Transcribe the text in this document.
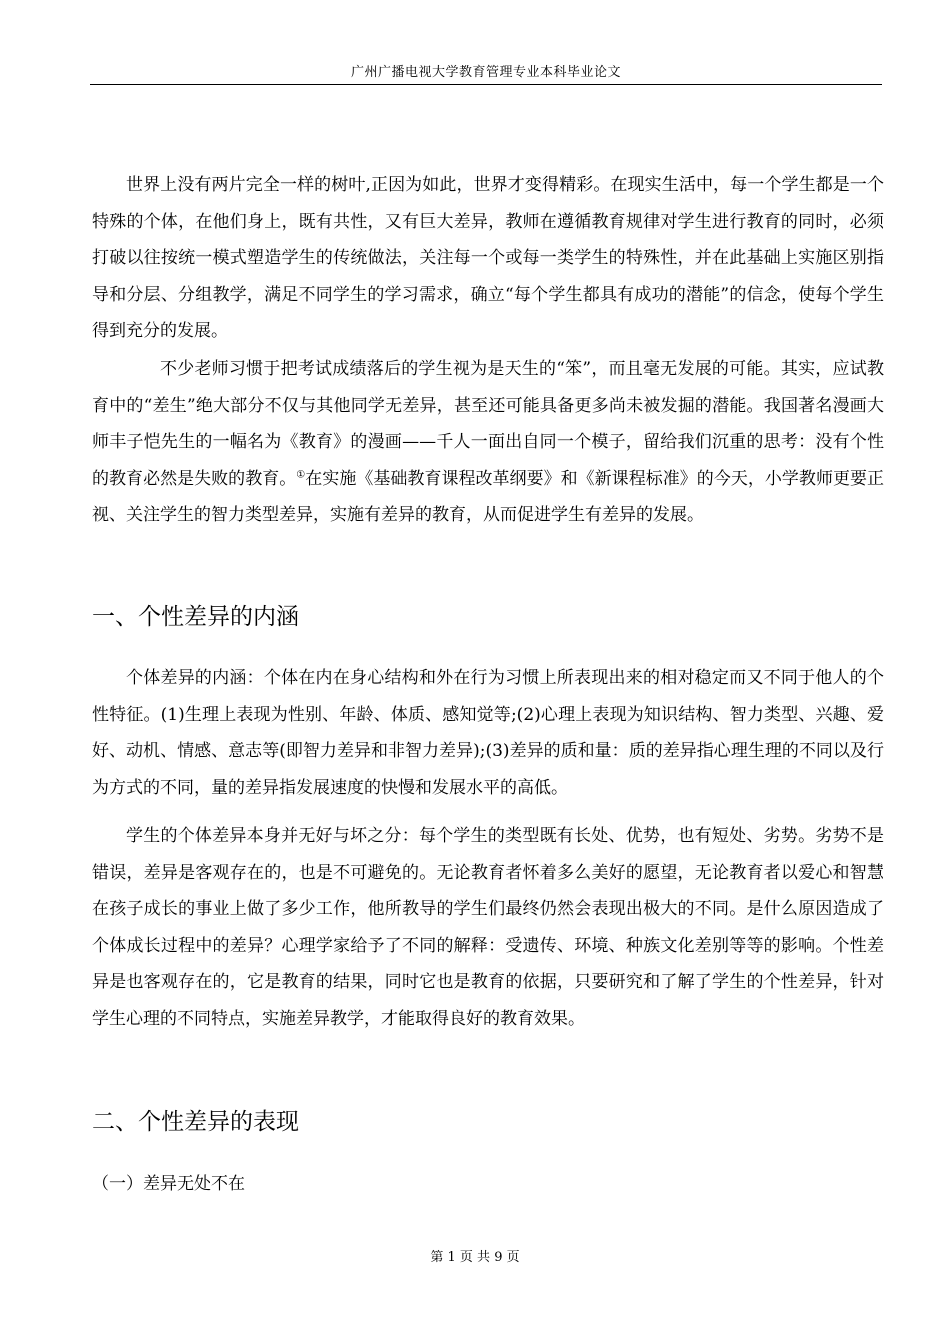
广州广播电视大学教育管理专业本科毕业论文

世界上没有两片完全一样的树叶,正因为如此，世界才变得精彩。在现实生活中，每一个学生都是一个特殊的个体，在他们身上，既有共性，又有巨大差异，教师在遵循教育规律对学生进行教育的同时，必须打破以往按统一模式塑造学生的传统做法，关注每一个或每一类学生的特殊性，并在此基础上实施区别指导和分层、分组教学，满足不同学生的学习需求，确立“每个学生都具有成功的潜能”的信念，使每个学生得到充分的发展。

不少老师习惯于把考试成绩落后的学生视为是天生的“笨”，而且毫无发展的可能。其实，应试教育中的“差生”绝大部分不仅与其他同学无差异，甚至还可能具备更多尚未被发掘的潜能。我国著名漫画大师丰子恺先生的一幅名为《教育》的漫画——千人一面出自同一个模子，留给我们沉重的思考：没有个性的教育必然是失败的教育。①在实施《基础教育课程改革纲要》和《新课程标准》的今天，小学教师更要正视、关注学生的智力类型差异，实施有差异的教育，从而促进学生有差异的发展。

一、个性差异的内涵

个体差异的内涵：个体在内在身心结构和外在行为习惯上所表现出来的相对稳定而又不同于他人的个性特征。(1)生理上表现为性别、年龄、体质、感知觉等;(2)心理上表现为知识结构、智力类型、兴趣、爱好、动机、情感、意志等(即智力差异和非智力差异);(3)差异的质和量：质的差异指心理生理的不同以及行为方式的不同，量的差异指发展速度的快慢和发展水平的高低。

学生的个体差异本身并无好与坏之分：每个学生的类型既有长处、优势，也有短处、劣势。劣势不是错误，差异是客观存在的，也是不可避免的。无论教育者怀着多么美好的愿望，无论教育者以爱心和智慧在孩子成长的事业上做了多少工作，他所教导的学生们最终仍然会表现出极大的不同。是什么原因造成了个体成长过程中的差异？心理学家给予了不同的解释：受遗传、环境、种族文化差别等等的影响。个性差异是也客观存在的，它是教育的结果，同时它也是教育的依据，只要研究和了解了学生的个性差异，针对学生心理的不同特点，实施差异教学，才能取得良好的教育效果。

二、个性差异的表现
（一）差异无处不在
第 1 页 共 9 页
